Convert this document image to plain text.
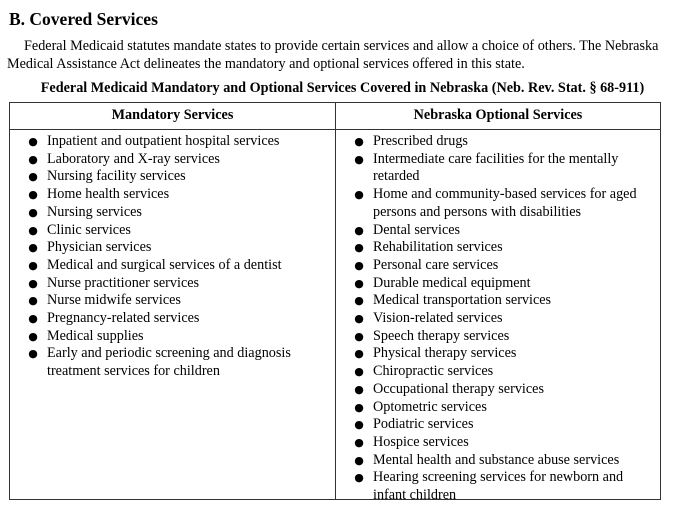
B. Covered Services
Federal Medicaid statutes mandate states to provide certain services and allow a choice of others. The Nebraska Medical Assistance Act delineates the mandatory and optional services offered in this state.
Federal Medicaid Mandatory and Optional Services Covered in Nebraska (Neb. Rev. Stat. § 68-911)
Mandatory Services	Nebraska Optional Services
● Inpatient and outpatient hospital services
● Laboratory and X-ray services
● Nursing facility services
● Home health services
● Nursing services
● Clinic services
● Physician services
● Medical and surgical services of a dentist
● Nurse practitioner services
● Nurse midwife services
● Pregnancy-related services
● Medical supplies
● Early and periodic screening and diagnosis treatment services for children
● Prescribed drugs
● Intermediate care facilities for the mentally retarded
● Home and community-based services for aged persons and persons with disabilities
● Dental services
● Rehabilitation services
● Personal care services
● Durable medical equipment
● Medical transportation services
● Vision-related services
● Speech therapy services
● Physical therapy services
● Chiropractic services
● Occupational therapy services
● Optometric services
● Podiatric services
● Hospice services
● Mental health and substance abuse services
● Hearing screening services for newborn and infant children
